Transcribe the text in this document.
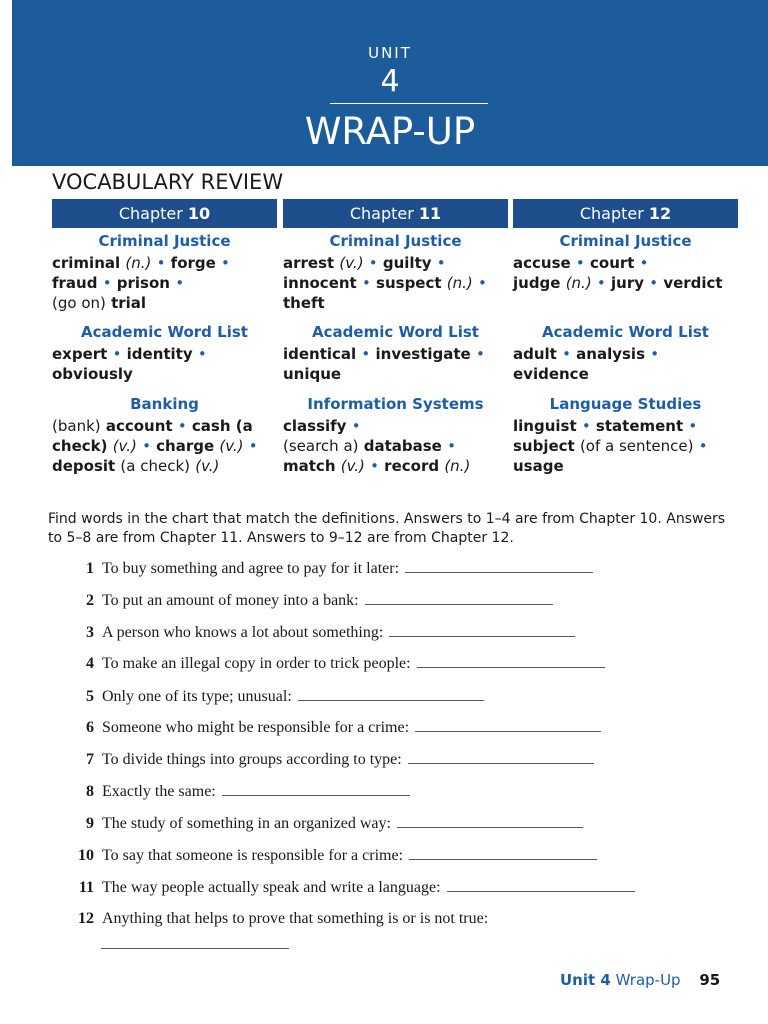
UNIT
4
WRAP-UP
VOCABULARY REVIEW
Chapter 10

Criminal Justice

criminal (n.) • forge •
fraud • prison •
(go on) trial

Academic Word List

expert • identity •
obviously

Banking

(bank) account • cash (a
check) (v.) • charge (v.) •
deposit (a check) (v.)

Chapter 11

Criminal Justice

arrest (v.) • guilty •
innocent • suspect (n.) •
theft

Academic Word List

identical • investigate •
unique

Information Systems

classify •
(search a) database •
match (v.) • record (n.)

Chapter 12

Criminal Justice

accuse • court •
judge (n.) • jury • verdict

Academic Word List

adult • analysis • evidence

Language Studies

linguist • statement •
subject (of a sentence) •
usage

Find words in the chart that match the definitions. Answers to 1–4 are from Chapter 10. Answers to 5–8 are from Chapter 11. Answers to 9–12 are from Chapter 12.
1 To buy something and agree to pay for it later:
2 To put an amount of money into a bank:
3 A person who knows a lot about something:
4 To make an illegal copy in order to trick people:
5 Only one of its type; unusual:
6 Someone who might be responsible for a crime:
7 To divide things into groups according to type:
8 Exactly the same:
9 The study of something in an organized way:
10 To say that someone is responsible for a crime:
11 The way people actually speak and write a language:
12 Anything that helps to prove that something is or is not true:
Unit 4 Wrap-Up 95
